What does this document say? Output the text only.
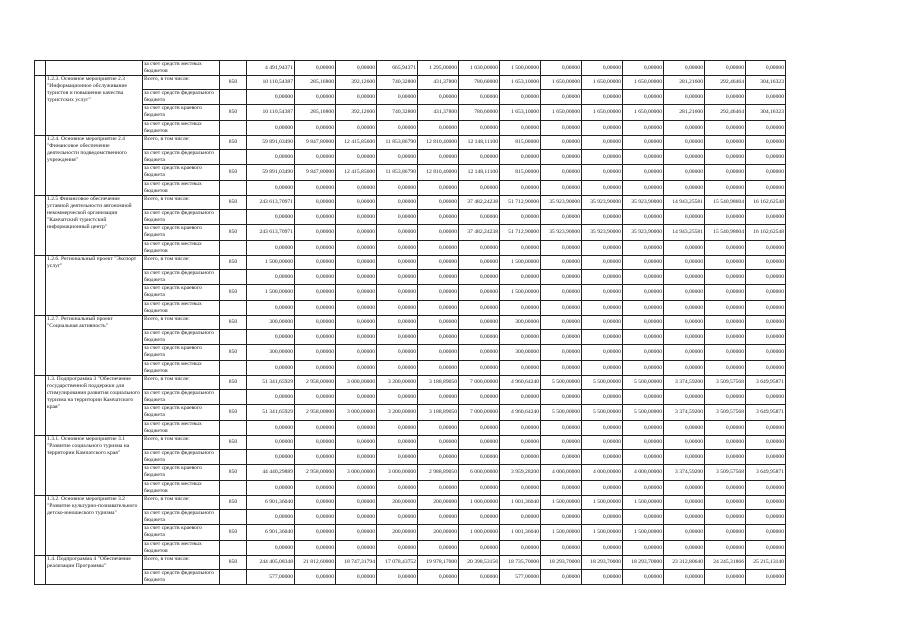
		за счет средств местных бюджетов		4 491,94371	0,00000	0,00000	665,94371	1 295,00000	1 030,00000	1 500,00000	0,00000	0,00000	0,00000	0,00000	0,00000	0,00000
	1.2.3. Основное мероприятие 2.3 "Информационное обслуживание туристов и повышение качества туристских услуг"	Всего, в том числе:	850	10 110,54387	285,16800	392,12600	740,32800	431,37800	780,60000	1 653,10000	1 650,00000	1 650,00000	1 650,00000	281,21600	292,46464	304,16323
		за счет средств федерального бюджета		0,00000	0,00000	0,00000	0,00000	0,00000	0,00000	0,00000	0,00000	0,00000	0,00000	0,00000	0,00000	0,00000
		за счет средств краевого бюджета	850	10 110,54387	285,16800	392,12600	740,32800	431,37800	780,60000	1 653,10000	1 650,00000	1 650,00000	1 650,00000	281,21600	292,46464	304,16323
		за счет средств местных бюджетов		0,00000	0,00000	0,00000	0,00000	0,00000	0,00000	0,00000	0,00000	0,00000	0,00000	0,00000	0,00000	0,00000
	1.2.4. Основное мероприятие 2.4 "Финансовое обеспечение деятельности подведомственного учреждения"	Всего, в том числе:	850	59 891,03490	9 847,80000	12 415,85600	11 853,86790	12 810,40000	12 148,11100	815,00000	0,00000	0,00000	0,00000	0,00000	0,00000	0,00000
		за счет средств федерального бюджета		0,00000	0,00000	0,00000	0,00000	0,00000	0,00000	0,00000	0,00000	0,00000	0,00000	0,00000	0,00000	0,00000
		за счет средств краевого бюджета	850	59 891,03490	9 847,80000	12 415,85600	11 853,86790	12 810,40000	12 148,11100	815,00000	0,00000	0,00000	0,00000	0,00000	0,00000	0,00000
		за счет средств местных бюджетов		0,00000	0,00000	0,00000	0,00000	0,00000	0,00000	0,00000	0,00000	0,00000	0,00000	0,00000	0,00000	0,00000
	1.2.5 Финансовое обеспечение уставной деятельности автономной некоммерческой организации "Камчатский туристский информационный центр"	Всего, в том числе:	850	243 613,70971	0,00000	0,00000	0,00000	0,00000	37 482,24238	51 712,90000	35 923,90000	35 923,90000	35 923,90000	14 943,25581	15 540,98604	16 162,62548
		за счет средств федерального бюджета		0,00000	0,00000	0,00000	0,00000	0,00000	0,00000	0,00000	0,00000	0,00000	0,00000	0,00000	0,00000	0,00000
		за счет средств краевого бюджета	850	243 613,70971	0,00000	0,00000	0,00000	0,00000	37 482,24238	51 712,90000	35 923,90000	35 923,90000	35 923,90000	14 943,25581	15 540,98604	16 162,62548
		за счет средств местных бюджетов		0,00000	0,00000	0,00000	0,00000	0,00000	0,00000	0,00000	0,00000	0,00000	0,00000	0,00000	0,00000	0,00000
	1.2.6. Региональный проект "Экспорт услуг"	Всего, в том числе:	850	1 500,00000	0,00000	0,00000	0,00000	0,00000	0,00000	1 500,00000	0,00000	0,00000	0,00000	0,00000	0,00000	0,00000
		за счет средств федерального бюджета		0,00000	0,00000	0,00000	0,00000	0,00000	0,00000	0,00000	0,00000	0,00000	0,00000	0,00000	0,00000	0,00000
		за счет средств краевого бюджета	850	1 500,00000	0,00000	0,00000	0,00000	0,00000	0,00000	1 500,00000	0,00000	0,00000	0,00000	0,00000	0,00000	0,00000
		за счет средств местных бюджетов		0,00000	0,00000	0,00000	0,00000	0,00000	0,00000	0,00000	0,00000	0,00000	0,00000	0,00000	0,00000	0,00000
	1.2.7. Региональный проект "Социальная активность"	Всего, в том числе:	850	300,00000	0,00000	0,00000	0,00000	0,00000	0,00000	300,00000	0,00000	0,00000	0,00000	0,00000	0,00000	0,00000
		за счет средств федерального бюджета		0,00000	0,00000	0,00000	0,00000	0,00000	0,00000	0,00000	0,00000	0,00000	0,00000	0,00000	0,00000	0,00000
		за счет средств краевого бюджета	850	300,00000	0,00000	0,00000	0,00000	0,00000	0,00000	300,00000	0,00000	0,00000	0,00000	0,00000	0,00000	0,00000
		за счет средств местных бюджетов		0,00000	0,00000	0,00000	0,00000	0,00000	0,00000	0,00000	0,00000	0,00000	0,00000	0,00000	0,00000	0,00000
	1.3. Подпрограмма 3 "Обеспечение государственной поддержки для стимулирования развития социального туризма на территории Камчатского края"	Всего, в том числе:	850	51 341,65929	2 958,00000	3 000,00000	3 200,00000	3 188,89050	7 000,00000	4 960,64240	5 500,00000	5 500,00000	5 500,00000	3 374,59200	3 509,57568	3 649,95871
		за счет средств федерального бюджета		0,00000	0,00000	0,00000	0,00000	0,00000	0,00000	0,00000	0,00000	0,00000	0,00000	0,00000	0,00000	0,00000
		за счет средств краевого бюджета	850	51 341,65929	2 958,00000	3 000,00000	3 200,00000	3 188,89050	7 000,00000	4 960,64240	5 500,00000	5 500,00000	5 500,00000	3 374,59200	3 509,57568	3 649,95871
		за счет средств местных бюджетов		0,00000	0,00000	0,00000	0,00000	0,00000	0,00000	0,00000	0,00000	0,00000	0,00000	0,00000	0,00000	0,00000
	1.3.1. Основное мероприятие 3.1 "Развитие социального туризма на территории Камчатского края"	Всего, в том числе:	850	0,00000	0,00000	0,00000	0,00000	0,00000	0,00000	0,00000	0,00000	0,00000	0,00000	0,00000	0,00000	0,00000
		за счет средств федерального бюджета		0,00000	0,00000	0,00000	0,00000	0,00000	0,00000	0,00000	0,00000	0,00000	0,00000	0,00000	0,00000	0,00000
		за счет средств краевого бюджета	850	44 440,29889	2 958,00000	3 000,00000	3 000,00000	2 988,89050	6 000,00000	3 959,28200	4 000,00000	4 000,00000	4 000,00000	3 374,59200	3 509,57568	3 649,95871
		за счет средств местных бюджетов		0,00000	0,00000	0,00000	0,00000	0,00000	0,00000	0,00000	0,00000	0,00000	0,00000	0,00000	0,00000	0,00000
	1.3.2. Основное мероприятие 3.2 "Развитие культурно-познавательного детско-юношеского туризма"	Всего, в том числе:	850	6 901,36040	0,00000	0,00000	200,00000	200,00000	1 000,00000	1 001,36040	1 500,00000	1 500,00000	1 500,00000	0,00000	0,00000	0,00000
		за счет средств федерального бюджета		0,00000	0,00000	0,00000	0,00000	0,00000	0,00000	0,00000	0,00000	0,00000	0,00000	0,00000	0,00000	0,00000
		за счет средств краевого бюджета	850	6 901,36040	0,00000	0,00000	200,00000	200,00000	1 000,00000	1 001,36040	1 500,00000	1 500,00000	1 500,00000	0,00000	0,00000	0,00000
		за счет средств местных бюджетов		0,00000	0,00000	0,00000	0,00000	0,00000	0,00000	0,00000	0,00000	0,00000	0,00000	0,00000	0,00000	0,00000
	1.4. Подпрограмма 4 "Обеспечение реализации Программы"	Всего, в том числе:	850	244 405,08348	21 812,60000	18 747,31794	17 078,43752	19 978,17000	20 398,53156	18 735,70000	18 293,70000	18 293,70000	18 293,70000	23 312,80640	24 245,31866	25 215,13140
		за счет средств федерального бюджета		577,00000	0,00000	0,00000	0,00000	0,00000	0,00000	577,00000	0,00000	0,00000	0,00000	0,00000	0,00000	0,00000
